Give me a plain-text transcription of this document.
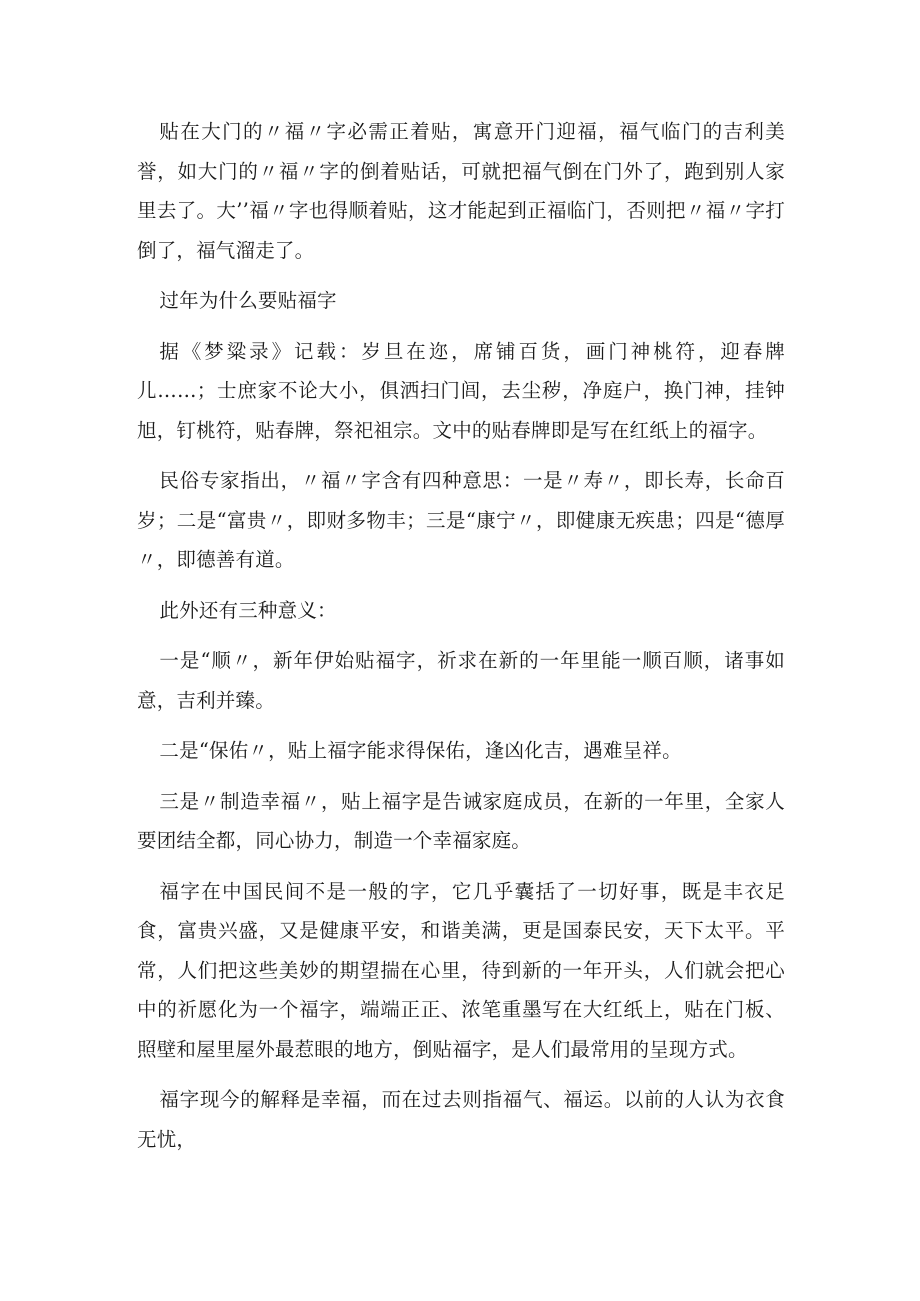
贴在大门的〃福〃字必需正着贴，寓意开门迎福，福气临门的吉利美誉，如大门的〃福〃字的倒着贴话，可就把福气倒在门外了，跑到别人家里去了。大’’福〃字也得顺着贴，这才能起到正福临门，否则把〃福〃字打倒了，福气溜走了。

过年为什么要贴福字

据《梦粱录》记载：岁旦在迩，席铺百货，画门神桃符，迎春牌儿……；士庶家不论大小，俱洒扫门闾，去尘秽，净庭户，换门神，挂钟旭，钉桃符，贴春牌，祭祀祖宗。文中的贴春牌即是写在红纸上的福字。

民俗专家指出，〃福〃字含有四种意思：一是〃寿〃，即长寿，长命百岁；二是“富贵〃，即财多物丰；三是“康宁〃，即健康无疾患；四是“德厚〃，即德善有道。

此外还有三种意义：

一是“顺〃，新年伊始贴福字，祈求在新的一年里能一顺百顺，诸事如意，吉利并臻。

二是“保佑〃，贴上福字能求得保佑，逢凶化吉，遇难呈祥。

三是〃制造幸福〃，贴上福字是告诫家庭成员，在新的一年里，全家人要团结全都，同心协力，制造一个幸福家庭。

福字在中国民间不是一般的字，它几乎囊括了一切好事，既是丰衣足食，富贵兴盛，又是健康平安，和谐美满，更是国泰民安，天下太平。平常，人们把这些美妙的期望揣在心里，待到新的一年开头，人们就会把心中的祈愿化为一个福字，端端正正、浓笔重墨写在大红纸上，贴在门板、照壁和屋里屋外最惹眼的地方，倒贴福字，是人们最常用的呈现方式。

福字现今的解释是幸福，而在过去则指福气、福运。以前的人认为衣食无忧，
